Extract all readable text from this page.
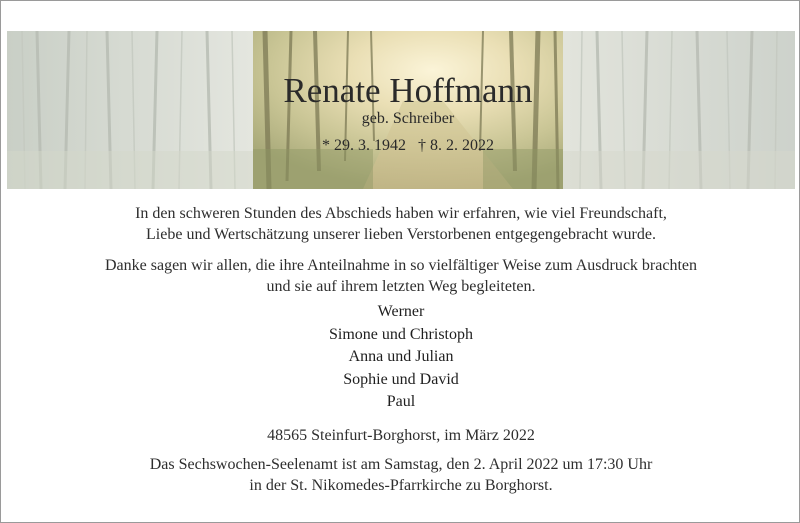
Renate Hoffmann
geb. Schreiber
* 29. 3. 1942 † 8. 2. 2022
In den schweren Stunden des Abschieds haben wir erfahren, wie viel Freundschaft,
Liebe und Wertschätzung unserer lieben Verstorbenen entgegengebracht wurde.
Danke sagen wir allen, die ihre Anteilnahme in so vielfältiger Weise zum Ausdruck brachten
und sie auf ihrem letzten Weg begleiteten.
Werner
Simone und Christoph
Anna und Julian
Sophie und David
Paul
48565 Steinfurt-Borghorst, im März 2022
Das Sechswochen-Seelenamt ist am Samstag, den 2. April 2022 um 17:30 Uhr
in der St. Nikomedes-Pfarrkirche zu Borghorst.
